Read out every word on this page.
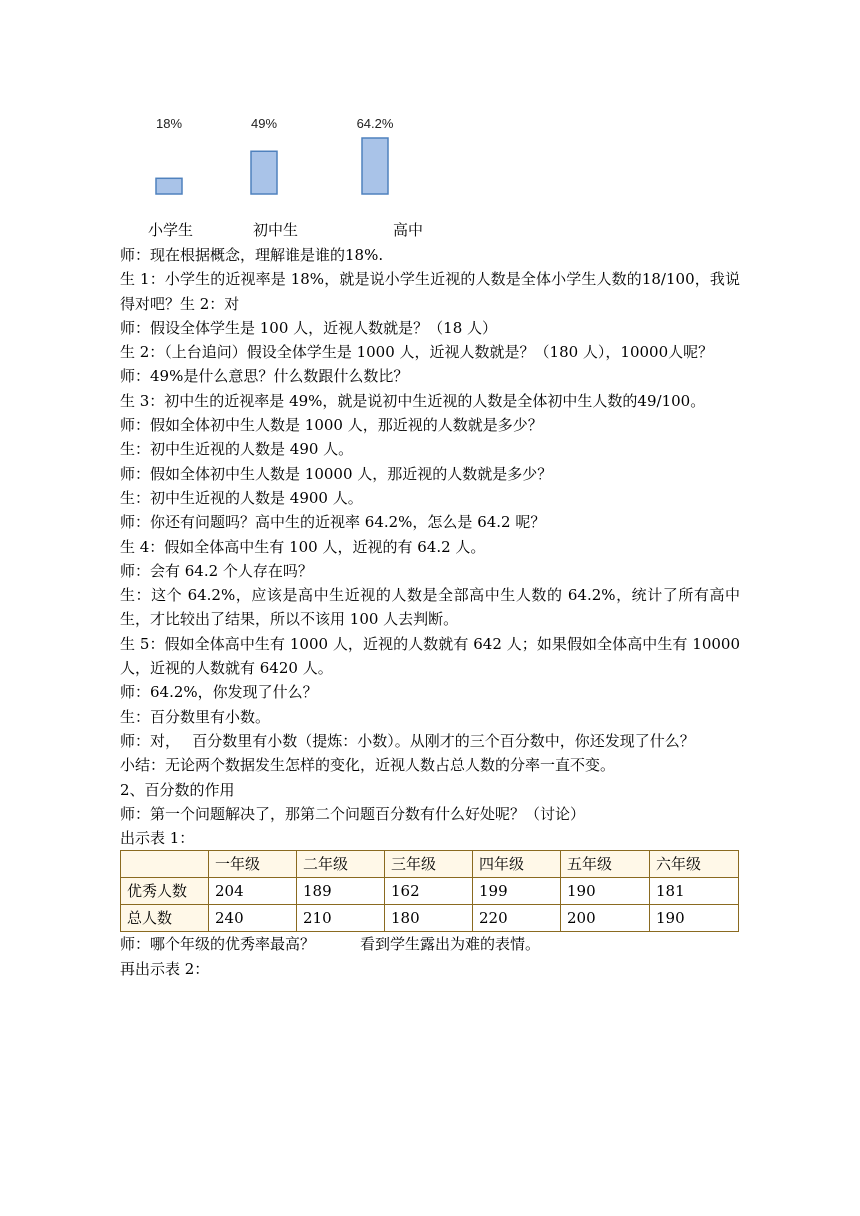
18%	49%	64.2%
小学生	初中生	高中

师：现在根据概念，理解谁是谁的18%.

生 1：小学生的近视率是 18%，就是说小学生近视的人数是全体小学生人数的18/100，我说得对吧？生 2：对

师：假设全体学生是 100 人，近视人数就是？（18 人）

生 2：（上台追问）假设全体学生是 1000 人，近视人数就是？（180 人），10000人呢？

师：49%是什么意思？什么数跟什么数比？

生 3：初中生的近视率是 49%，就是说初中生近视的人数是全体初中生人数的49/100。

师：假如全体初中生人数是 1000 人，那近视的人数就是多少？

生：初中生近视的人数是 490 人。

师：假如全体初中生人数是 10000 人，那近视的人数就是多少？

生：初中生近视的人数是 4900 人。

师：你还有问题吗？高中生的近视率 64.2%，怎么是 64.2 呢？

生 4：假如全体高中生有 100 人，近视的有 64.2 人。

师：会有 64.2 个人存在吗？

生：这个 64.2%，应该是高中生近视的人数是全部高中生人数的 64.2%，统计了所有高中生，才比较出了结果，所以不该用 100 人去判断。

生 5：假如全体高中生有 1000 人，近视的人数就有 642 人；如果假如全体高中生有 10000 人，近视的人数就有 6420 人。

师：64.2%，你发现了什么？

生：百分数里有小数。

师：对，　 百分数里有小数（提炼：小数）。从刚才的三个百分数中，你还发现了什么？

小结：无论两个数据发生怎样的变化，近视人数占总人数的分率一直不变。

2、百分数的作用

师：第一个问题解决了，那第二个问题百分数有什么好处呢？（讨论）

出示表 1：

	一年级	二年级	三年级	四年级	五年级	六年级
优秀人数	204	189	162	199	190	181
总人数	240	210	180	220	200	190

师：哪个年级的优秀率最高？　　　看到学生露出为难的表情。

再出示表 2：
